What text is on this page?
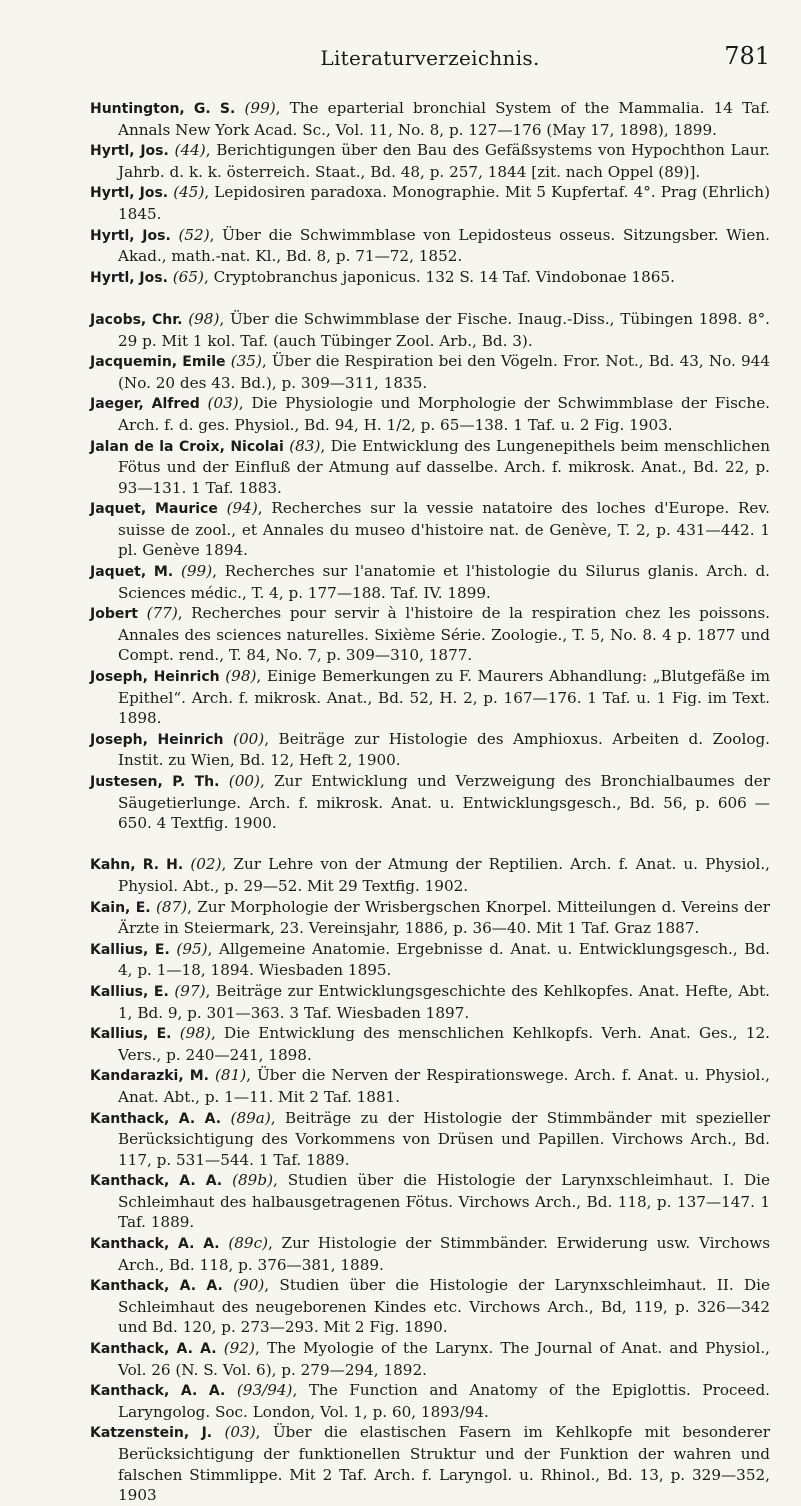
Literaturverzeichnis.	781

Huntington, G. S. (99), The eparterial bronchial System of the Mammalia. 14 Taf. Annals New York Acad. Sc., Vol. 11, No. 8, p. 127—176 (May 17, 1898), 1899.

Hyrtl, Jos. (44), Berichtigungen über den Bau des Gefäßsystems von Hypochthon Laur. Jahrb. d. k. k. österreich. Staat., Bd. 48, p. 257, 1844 [zit. nach Oppel (89)].

Hyrtl, Jos. (45), Lepidosiren paradoxa. Monographie. Mit 5 Kupfertaf. 4°. Prag (Ehrlich) 1845.

Hyrtl, Jos. (52), Über die Schwimmblase von Lepidosteus osseus. Sitzungsber. Wien. Akad., math.-nat. Kl., Bd. 8, p. 71—72, 1852.

Hyrtl, Jos. (65), Cryptobranchus japonicus. 132 S. 14 Taf. Vindobonae 1865.

Jacobs, Chr. (98), Über die Schwimmblase der Fische. Inaug.-Diss., Tübingen 1898. 8°. 29 p. Mit 1 kol. Taf. (auch Tübinger Zool. Arb., Bd. 3).

Jacquemin, Emile (35), Über die Respiration bei den Vögeln. Fror. Not., Bd. 43, No. 944 (No. 20 des 43. Bd.), p. 309—311, 1835.

Jaeger, Alfred (03), Die Physiologie und Morphologie der Schwimmblase der Fische. Arch. f. d. ges. Physiol., Bd. 94, H. 1/2, p. 65—138. 1 Taf. u. 2 Fig. 1903.

Jalan de la Croix, Nicolai (83), Die Entwicklung des Lungenepithels beim menschlichen Fötus und der Einfluß der Atmung auf dasselbe. Arch. f. mikrosk. Anat., Bd. 22, p. 93—131. 1 Taf. 1883.

Jaquet, Maurice (94), Recherches sur la vessie natatoire des loches d'Europe. Rev. suisse de zool., et Annales du museo d'histoire nat. de Genève, T. 2, p. 431—442. 1 pl. Genève 1894.

Jaquet, M. (99), Recherches sur l'anatomie et l'histologie du Silurus glanis. Arch. d. Sciences médic., T. 4, p. 177—188. Taf. IV. 1899.

Jobert (77), Recherches pour servir à l'histoire de la respiration chez les poissons. Annales des sciences naturelles. Sixième Série. Zoologie., T. 5, No. 8. 4 p. 1877 und Compt. rend., T. 84, No. 7, p. 309—310, 1877.

Joseph, Heinrich (98), Einige Bemerkungen zu F. Maurers Abhandlung: „Blutgefäße im Epithel“. Arch. f. mikrosk. Anat., Bd. 52, H. 2, p. 167—176. 1 Taf. u. 1 Fig. im Text. 1898.

Joseph, Heinrich (00), Beiträge zur Histologie des Amphioxus. Arbeiten d. Zoolog. Instit. zu Wien, Bd. 12, Heft 2, 1900.

Justesen, P. Th. (00), Zur Entwicklung und Verzweigung des Bronchialbaumes der Säugetierlunge. Arch. f. mikrosk. Anat. u. Entwicklungsgesch., Bd. 56, p. 606 — 650. 4 Textfig. 1900.

Kahn, R. H. (02), Zur Lehre von der Atmung der Reptilien. Arch. f. Anat. u. Physiol., Physiol. Abt., p. 29—52. Mit 29 Textfig. 1902.

Kain, E. (87), Zur Morphologie der Wrisbergschen Knorpel. Mitteilungen d. Vereins der Ärzte in Steiermark, 23. Vereinsjahr, 1886, p. 36—40. Mit 1 Taf. Graz 1887.

Kallius, E. (95), Allgemeine Anatomie. Ergebnisse d. Anat. u. Entwicklungsgesch., Bd. 4, p. 1—18, 1894. Wiesbaden 1895.

Kallius, E. (97), Beiträge zur Entwicklungsgeschichte des Kehlkopfes. Anat. Hefte, Abt. 1, Bd. 9, p. 301—363. 3 Taf. Wiesbaden 1897.

Kallius, E. (98), Die Entwicklung des menschlichen Kehlkopfs. Verh. Anat. Ges., 12. Vers., p. 240—241, 1898.

Kandarazki, M. (81), Über die Nerven der Respirationswege. Arch. f. Anat. u. Physiol., Anat. Abt., p. 1—11. Mit 2 Taf. 1881.

Kanthack, A. A. (89a), Beiträge zu der Histologie der Stimmbänder mit spezieller Berücksichtigung des Vorkommens von Drüsen und Papillen. Virchows Arch., Bd. 117, p. 531—544. 1 Taf. 1889.

Kanthack, A. A. (89b), Studien über die Histologie der Larynxschleimhaut. I. Die Schleimhaut des halbausgetragenen Fötus. Virchows Arch., Bd. 118, p. 137—147. 1 Taf. 1889.

Kanthack, A. A. (89c), Zur Histologie der Stimmbänder. Erwiderung usw. Virchows Arch., Bd. 118, p. 376—381, 1889.

Kanthack, A. A. (90), Studien über die Histologie der Larynxschleimhaut. II. Die Schleimhaut des neugeborenen Kindes etc. Virchows Arch., Bd, 119, p. 326—342 und Bd. 120, p. 273—293. Mit 2 Fig. 1890.

Kanthack, A. A. (92), The Myologie of the Larynx. The Journal of Anat. and Physiol., Vol. 26 (N. S. Vol. 6), p. 279—294, 1892.

Kanthack, A. A. (93/94), The Function and Anatomy of the Epiglottis. Proceed. Laryngolog. Soc. London, Vol. 1, p. 60, 1893/94.

Katzenstein, J. (03), Über die elastischen Fasern im Kehlkopfe mit besonderer Berücksichtigung der funktionellen Struktur und der Funktion der wahren und falschen Stimmlippe. Mit 2 Taf. Arch. f. Laryngol. u. Rhinol., Bd. 13, p. 329—352, 1903
